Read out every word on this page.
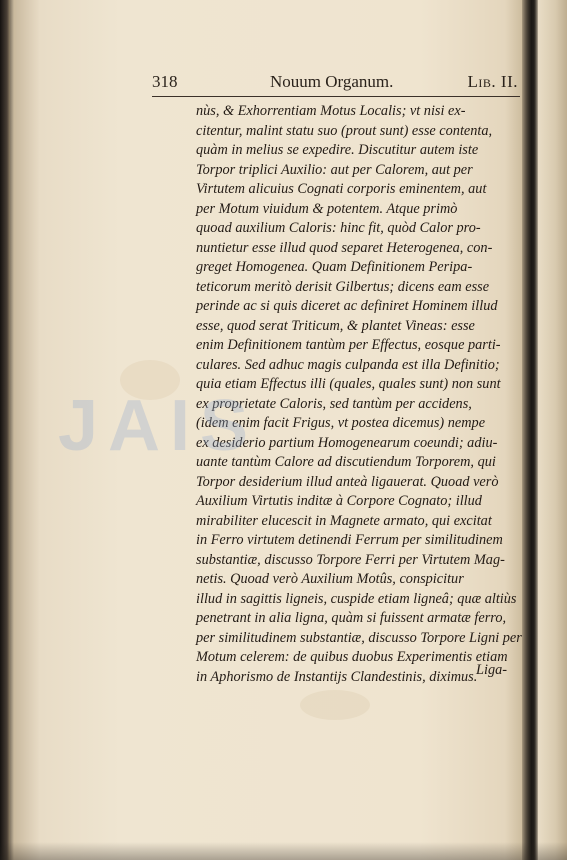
318	Nouum Organum.	Lib. II.
nùs, & Exhorrentiam Motus Localis; vt nisi ex-
citentur, malint statu suo (prout sunt) esse contenta,
quàm in melius se expedire. Discutitur autem iste
Torpor triplici Auxilio: aut per Calorem, aut per
Virtutem alicuius Cognati corporis eminentem, aut
per Motum viuidum & potentem. Atque primò
quoad auxilium Caloris: hinc fit, quòd Calor pro-
nuntietur esse illud quod separet Heterogenea, con-
greget Homogenea. Quam Definitionem Peripa-
teticorum meritò derisit Gilbertus; dicens eam esse
perinde ac si quis diceret ac definiret Hominem illud
esse, quod serat Triticum, & plantet Vineas: esse
enim Definitionem tantùm per Effectus, eosque parti-
culares. Sed adhuc magis culpanda est illa Definitio;
quia etiam Effectus illi (quales, quales sunt) non sunt
ex proprietate Caloris, sed tantùm per accidens,
(idem enim facit Frigus, vt postea dicemus) nempe
ex desiderio partium Homogenearum coeundi; adiu-
uante tantùm Calore ad discutiendum Torporem, qui
Torpor desiderium illud anteà ligauerat. Quoad verò
Auxilium Virtutis inditæ à Corpore Cognato; illud
mirabiliter elucescit in Magnete armato, qui excitat
in Ferro virtutem detinendi Ferrum per similitudinem
substantiæ, discusso Torpore Ferri per Virtutem Mag-
netis. Quoad verò Auxilium Motûs, conspicitur
illud in sagittis ligneis, cuspide etiam ligneâ; quæ altiùs
penetrant in alia ligna, quàm si fuissent armatæ ferro,
per similitudinem substantiæ, discusso Torpore Ligni per
Motum celerem: de quibus duobus Experimentis etiam
in Aphorismo de Instantijs Clandestinis, diximus.
Liga-
JAIS
